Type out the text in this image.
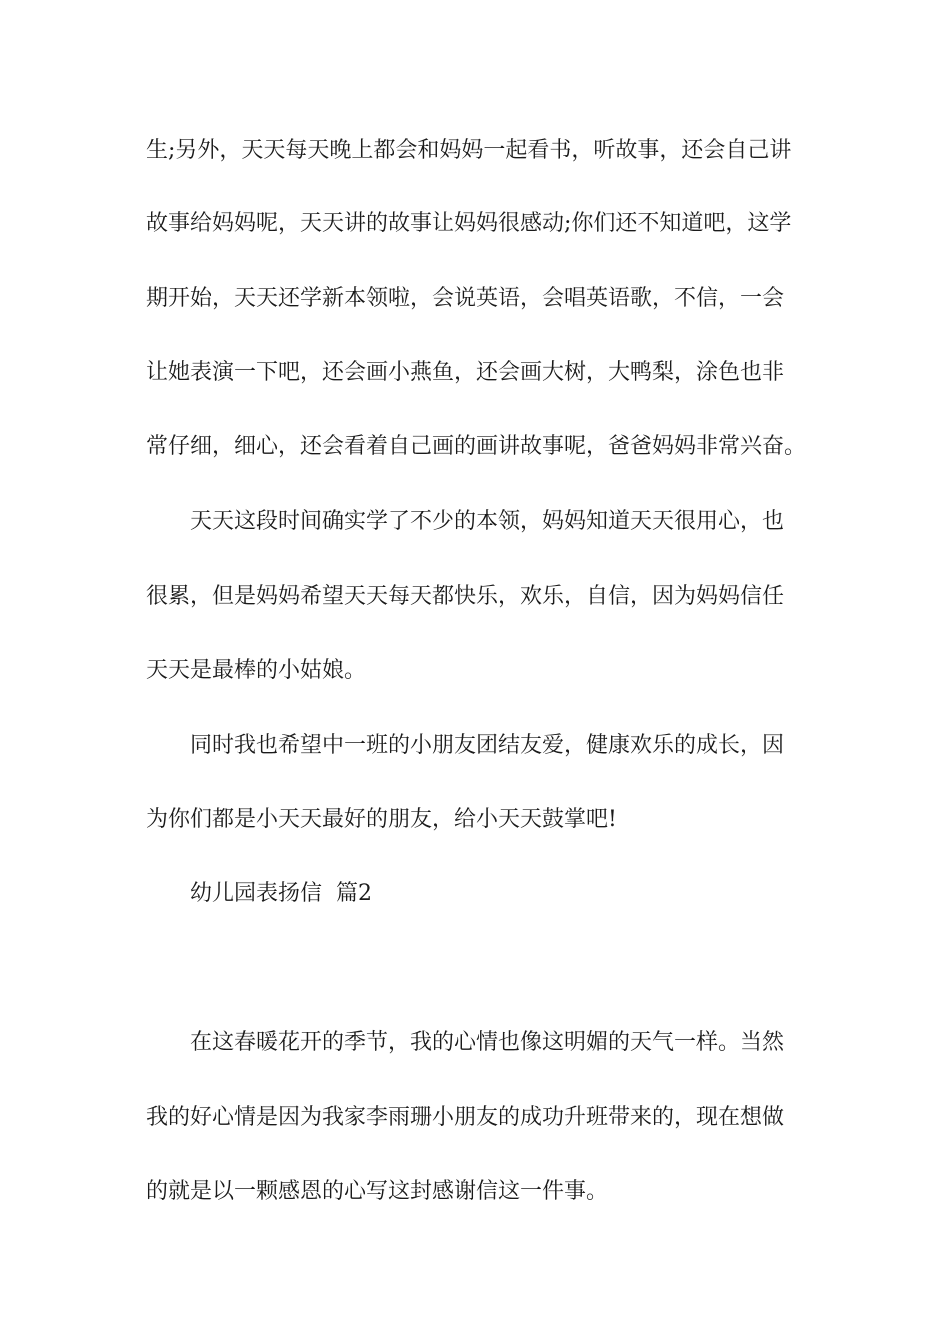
生;另外，天天每天晚上都会和妈妈一起看书，听故事，还会自己讲
故事给妈妈呢，天天讲的故事让妈妈很感动;你们还不知道吧，这学
期开始，天天还学新本领啦，会说英语，会唱英语歌，不信，一会
让她表演一下吧，还会画小燕鱼，还会画大树，大鸭梨，涂色也非
常仔细，细心，还会看着自己画的画讲故事呢，爸爸妈妈非常兴奋。
天天这段时间确实学了不少的本领，妈妈知道天天很用心，也
很累，但是妈妈希望天天每天都快乐，欢乐，自信，因为妈妈信任
天天是最棒的小姑娘。
同时我也希望中一班的小朋友团结友爱，健康欢乐的成长，因
为你们都是小天天最好的朋友，给小天天鼓掌吧!
幼儿园表扬信  篇2
在这春暖花开的季节，我的心情也像这明媚的天气一样。当然
我的好心情是因为我家李雨珊小朋友的成功升班带来的，现在想做
的就是以一颗感恩的心写这封感谢信这一件事。
